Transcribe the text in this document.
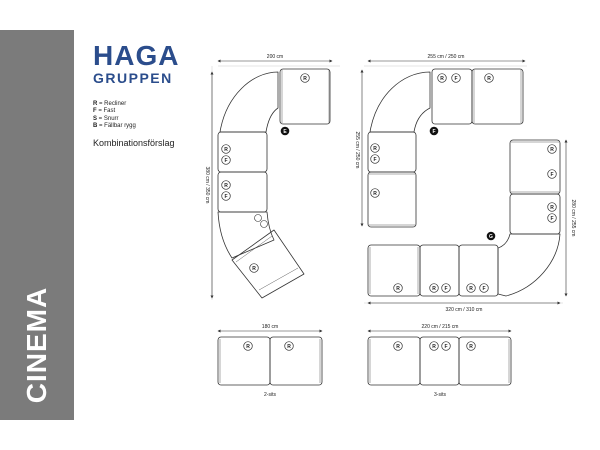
CINEMA
HAGA
GRUPPEN
R = Recliner
F = Fast
S = Snurr
B = Fällbar rygg
Kombinationsförslag
200 cm
380 cm / 350 cm
255 cm / 250 cm
255 cm / 250 cm
280 cm / 255 cm
320 cm / 310 cm
180 cm	220 cm / 215 cm
2-sits	3-sits
E	F
G
R
R
F
R
F
R
R F	R
R
F
R
R
F
R
F
R	R F	R F
R	R	R	R F	R
